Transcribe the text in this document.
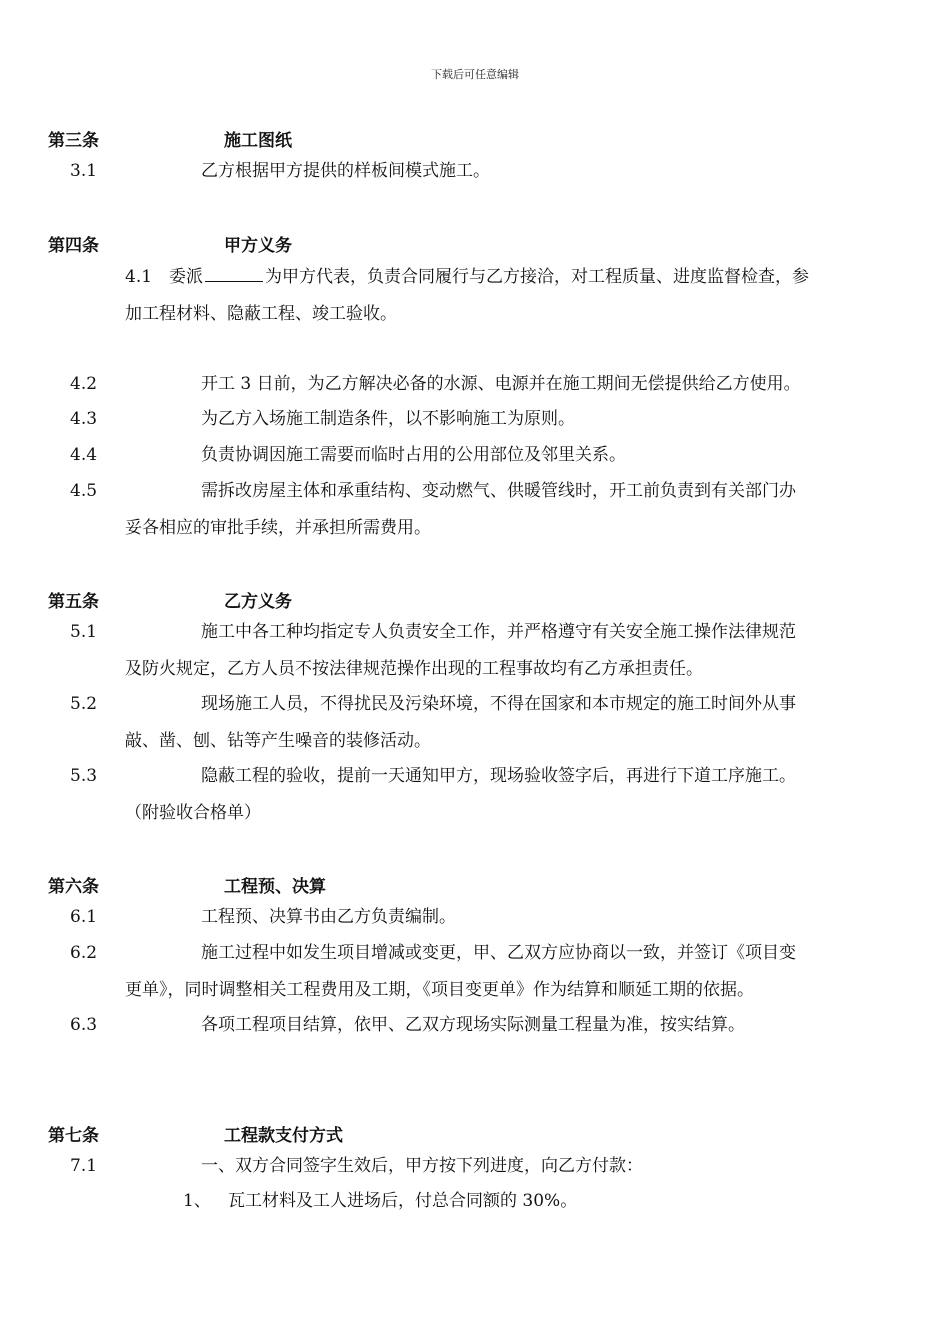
下载后可任意编辑
第三条	施工图纸
3.1	乙方根据甲方提供的样板间模式施工。
第四条	甲方义务
4.1　委派	为甲方代表，负责合同履行与乙方接洽，对工程质量、进度监督检查，参
加工程材料、隐蔽工程、竣工验收。
4.2	开工 3 日前，为乙方解决必备的水源、电源并在施工期间无偿提供给乙方使用。
4.3	为乙方入场施工制造条件，以不影响施工为原则。
4.4	负责协调因施工需要而临时占用的公用部位及邻里关系。
4.5	需拆改房屋主体和承重结构、变动燃气、供暖管线时，开工前负责到有关部门办
妥各相应的审批手续，并承担所需费用。
第五条	乙方义务
5.1	施工中各工种均指定专人负责安全工作，并严格遵守有关安全施工操作法律规范
及防火规定，乙方人员不按法律规范操作出现的工程事故均有乙方承担责任。
5.2	现场施工人员，不得扰民及污染环境，不得在国家和本市规定的施工时间外从事
敲、凿、刨、钻等产生噪音的装修活动。
5.3	隐蔽工程的验收，提前一天通知甲方，现场验收签字后，再进行下道工序施工。
（附验收合格单）
第六条	工程预、决算
6.1	工程预、决算书由乙方负责编制。
6.2	施工过程中如发生项目增减或变更，甲、乙双方应协商以一致，并签订《项目变
更单》，同时调整相关工程费用及工期，《项目变更单》作为结算和顺延工期的依据。
6.3	各项工程项目结算，依甲、乙双方现场实际测量工程量为准，按实结算。
第七条	工程款支付方式
7.1	一、双方合同签字生效后，甲方按下列进度，向乙方付款：
1、 瓦工材料及工人进场后，付总合同额的 30%。
